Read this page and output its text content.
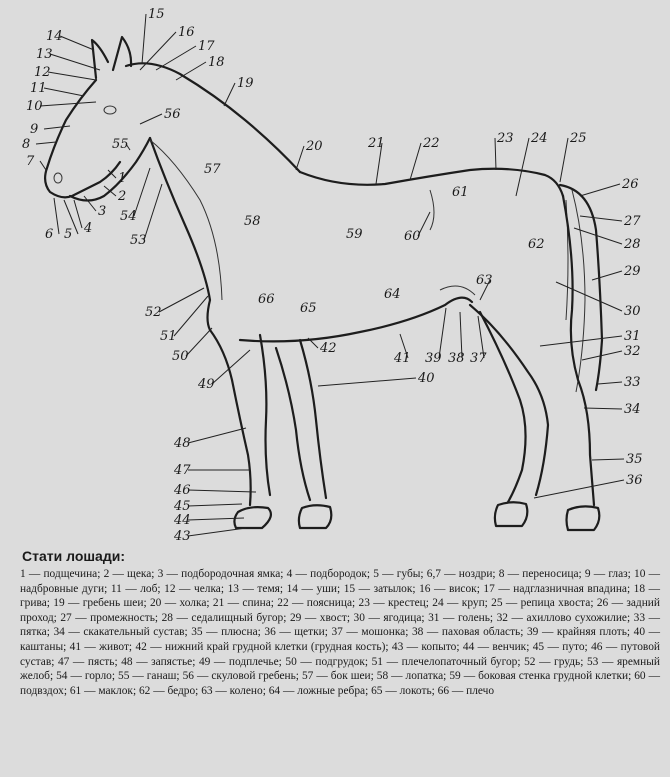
1
2
3
4
5
6
7
8
9
10
11
12
13
14
15
16
17
18
19
20	21	22	23 24 25
26
27
28
29
30
31
32
33
34
35
36
37
38
39
40
41
42
43
44
45
46
47
48
49
50
51
52
53
54
55
56
57
58
59	60
61
62
63
64
65
66
Стати лошади:

1 — подщечина; 2 — щека; 3 — подбородочная ямка; 4 — подбородок; 5 — губы; 6,7 — ноздри; 8 — переносица; 9 — глаз; 10 — надбровные дуги; 11 — лоб; 12 — челка; 13 — темя; 14 — уши; 15 — затылок; 16 — висок; 17 — надглазничная впадина; 18 — грива; 19 — гребень шеи; 20 — холка; 21 — спина; 22 — поясница; 23 — крестец; 24 — круп; 25 — репица хвоста; 26 — задний проход; 27 — промежность; 28 — седалищный бугор; 29 — хвост; 30 — ягодица; 31 — голень; 32 — ахиллово сухожилие; 33 — пятка; 34 — скакательный сустав; 35 — плюсна; 36 — щетки; 37 — мошонка; 38 — паховая область; 39 — крайняя плоть; 40 — каштаны; 41 — живот; 42 — нижний край грудной клетки (грудная кость); 43 — копыто; 44 — венчик; 45 — путо; 46 — путовой сустав; 47 — пясть; 48 — запястье; 49 — подплечье; 50 — подгрудок; 51 — плечелопаточный бугор; 52 — грудь; 53 — яремный желоб; 54 — горло; 55 — ганаш; 56 — скуловой гребень; 57 — бок шеи; 58 — лопатка; 59 — боковая стенка грудной клетки; 60 — подвздох; 61 — маклок; 62 — бедро; 63 — колено; 64 — ложные ребра; 65 — локоть; 66 — плечо
